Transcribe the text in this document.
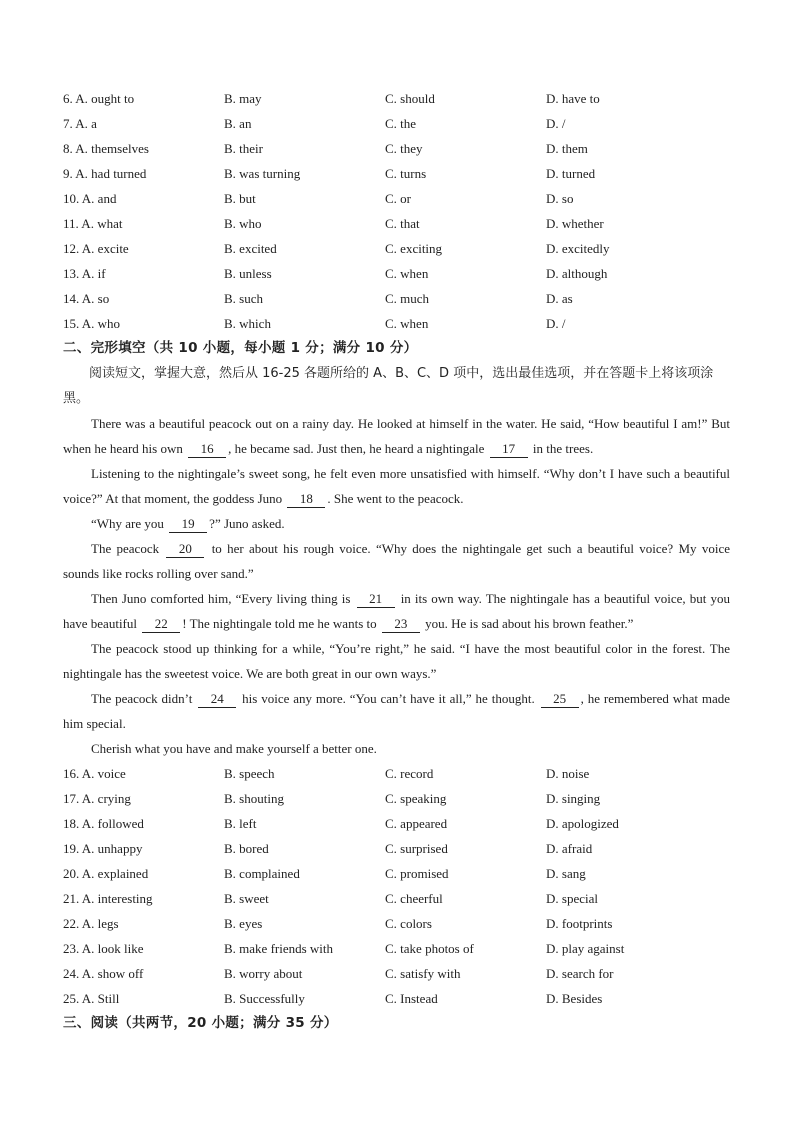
6. A. ought to	B. may	C. should	D. have to
7. A. a	B. an	C. the	D. /
8. A. themselves	B. their	C. they	D. them
9. A. had turned	B. was turning	C. turns	D. turned
10. A. and	B. but	C. or	D. so
11. A. what	B. who	C. that	D. whether
12. A. excite	B. excited	C. exciting	D. excitedly
13. A. if	B. unless	C. when	D. although
14. A. so	B. such	C. much	D. as
15. A. who	B. which	C. when	D. /
二、完形填空（共 10 小题，每小题 1 分；满分 10 分）
阅读短文，掌握大意，然后从 16-25 各题所给的 A、B、C、D 项中，选出最佳选项，并在答题卡上将该项涂黑。
There was a beautiful peacock out on a rainy day. He looked at himself in the water. He said, “How beautiful I am!” But when he heard his own 16 , he became sad. Just then, he heard a nightingale 17 in the trees.
Listening to the nightingale’s sweet song, he felt even more unsatisfied with himself. “Why don’t I have such a beautiful voice?” At that moment, the goddess Juno 18 . She went to the peacock.
“Why are you 19 ?” Juno asked.
The peacock 20 to her about his rough voice. “Why does the nightingale get such a beautiful voice? My voice sounds like rocks rolling over sand.”
Then Juno comforted him, “Every living thing is 21 in its own way. The nightingale has a beautiful voice, but you have beautiful 22 ! The nightingale told me he wants to 23 you. He is sad about his brown feather.”
The peacock stood up thinking for a while, “You’re right,” he said. “I have the most beautiful color in the forest. The nightingale has the sweetest voice. We are both great in our own ways.”
The peacock didn’t 24 his voice any more. “You can’t have it all,” he thought. 25 , he remembered what made him special.
Cherish what you have and make yourself a better one.
16. A. voice	B. speech	C. record	D. noise
17. A. crying	B. shouting	C. speaking	D. singing
18. A. followed	B. left	C. appeared	D. apologized
19. A. unhappy	B. bored	C. surprised	D. afraid
20. A. explained	B. complained	C. promised	D. sang
21. A. interesting	B. sweet	C. cheerful	D. special
22. A. legs	B. eyes	C. colors	D. footprints
23. A. look like	B. make friends with	C. take photos of	D. play against
24. A. show off	B. worry about	C. satisfy with	D. search for
25. A. Still	B. Successfully	C. Instead	D. Besides
三、阅读（共两节，20 小题；满分 35 分）
